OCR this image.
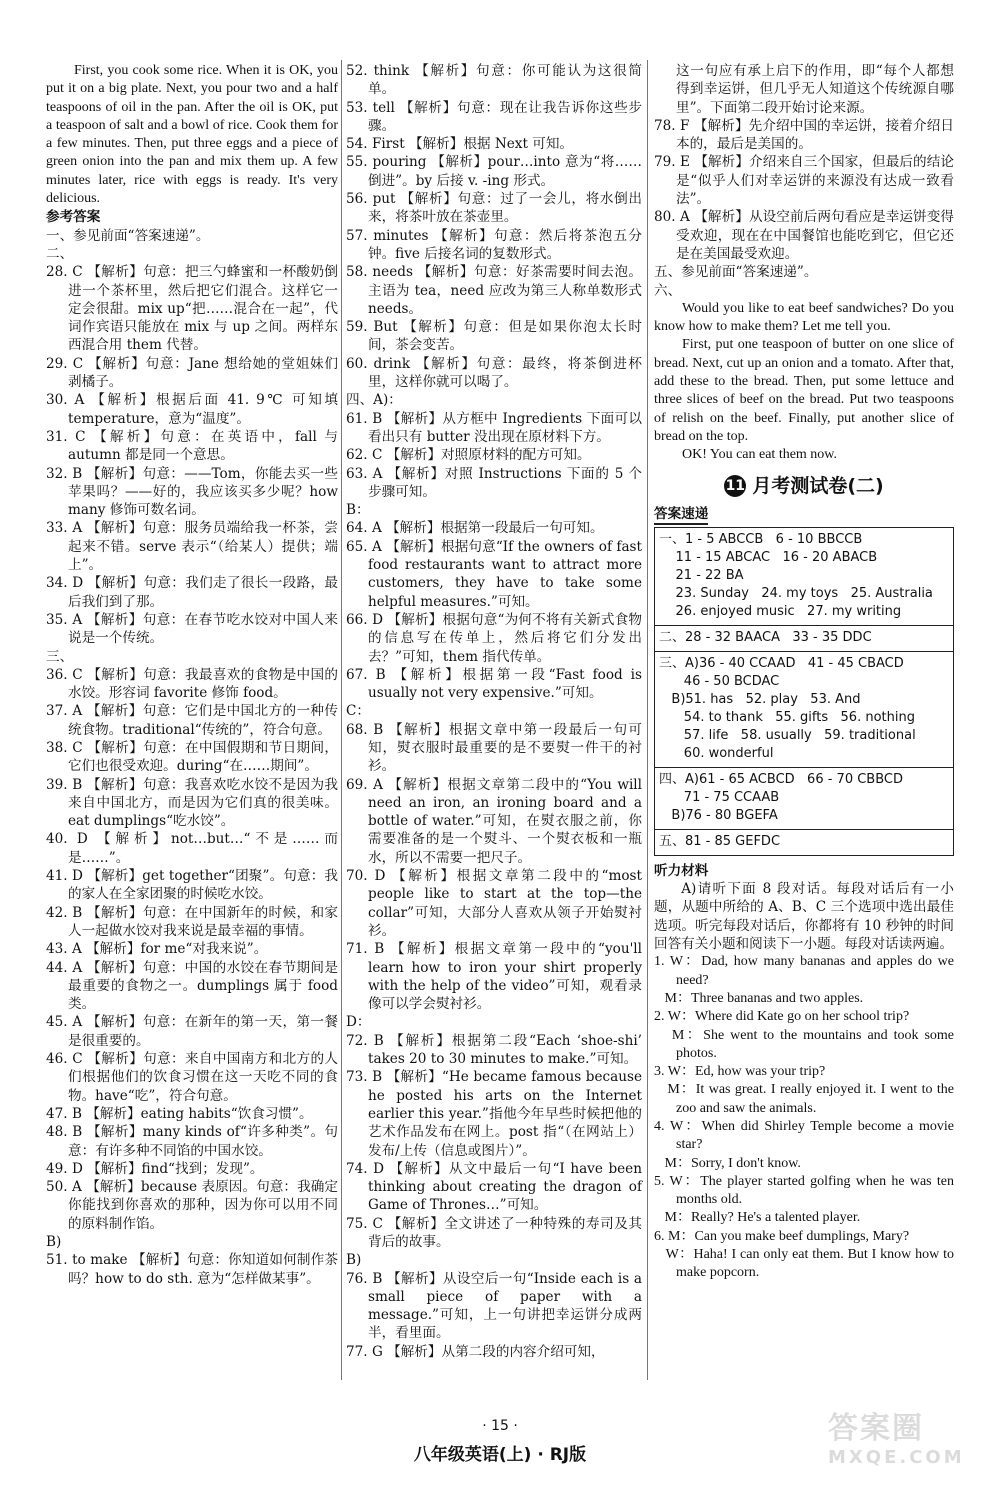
First, you cook some rice. When it is OK, you put it on a big plate. Next, you pour two and a half teaspoons of oil in the pan. After the oil is OK, put a teaspoon of salt and a bowl of rice. Cook them for a few minutes. Then, put three eggs and a piece of green onion into the pan and mix them up. A few minutes later, rice with eggs is ready. It's very delicious.

参考答案

一、参见前面“答案速递”。

二、

28. C 【解析】句意：把三勺蜂蜜和一杯酸奶倒进一个茶杯里，然后把它们混合。这样它一定会很甜。mix up“把……混合在一起”，代词作宾语只能放在 mix 与 up 之间。两样东西混合用 them 代替。

29. C 【解析】句意：Jane 想给她的堂姐妹们剥橘子。

30. A 【解析】根据后面 41. 9℃ 可知填 temperature，意为“温度”。

31. C 【解析】句意：在英语中，fall 与 autumn 都是同一个意思。

32. B 【解析】句意：——Tom，你能去买一些苹果吗？——好的，我应该买多少呢？how many 修饰可数名词。

33. A 【解析】句意：服务员端给我一杯茶，尝起来不错。serve 表示“（给某人）提供；端上”。

34. D 【解析】句意：我们走了很长一段路，最后我们到了那。

35. A 【解析】句意：在春节吃水饺对中国人来说是一个传统。

三、

36. C 【解析】句意：我最喜欢的食物是中国的水饺。形容词 favorite 修饰 food。

37. A 【解析】句意：它们是中国北方的一种传统食物。traditional“传统的”，符合句意。

38. C 【解析】句意：在中国假期和节日期间，它们也很受欢迎。during“在……期间”。

39. B 【解析】句意：我喜欢吃水饺不是因为我来自中国北方，而是因为它们真的很美味。eat dumplings“吃水饺”。

40. D 【解析】not…but…“不是……而是……”。

41. D 【解析】get together“团聚”。句意：我的家人在全家团聚的时候吃水饺。

42. B 【解析】句意：在中国新年的时候，和家人一起做水饺对我来说是最幸福的事情。

43. A 【解析】for me“对我来说”。

44. A 【解析】句意：中国的水饺在春节期间是最重要的食物之一。dumplings 属于 food 类。

45. A 【解析】句意：在新年的第一天，第一餐是很重要的。

46. C 【解析】句意：来自中国南方和北方的人们根据他们的饮食习惯在这一天吃不同的食物。have“吃”，符合句意。

47. B 【解析】eating habits“饮食习惯”。

48. B 【解析】many kinds of“许多种类”。句意：有许多种不同馅的中国水饺。

49. D 【解析】find“找到；发现”。

50. A 【解析】because 表原因。句意：我确定你能找到你喜欢的那种，因为你可以用不同的原料制作馅。

B)

51. to make 【解析】句意：你知道如何制作茶吗？how to do sth. 意为“怎样做某事”。

52. think 【解析】句意：你可能认为这很简单。

53. tell 【解析】句意：现在让我告诉你这些步骤。

54. First 【解析】根据 Next 可知。

55. pouring 【解析】pour…into 意为“将……倒进”。by 后接 v. -ing 形式。

56. put 【解析】句意：过了一会儿，将水倒出来，将茶叶放在茶壶里。

57. minutes 【解析】句意：然后将茶泡五分钟。five 后接名词的复数形式。

58. needs 【解析】句意：好茶需要时间去泡。主语为 tea，need 应改为第三人称单数形式 needs。

59. But 【解析】句意：但是如果你泡太长时间，茶会变苦。

60. drink 【解析】句意：最终，将茶倒进杯里，这样你就可以喝了。

四、A)：

61. B 【解析】从方框中 Ingredients 下面可以看出只有 butter 没出现在原材料下方。

62. C 【解析】对照原材料的配方可知。

63. A 【解析】对照 Instructions 下面的 5 个步骤可知。

B：

64. A 【解析】根据第一段最后一句可知。

65. A 【解析】根据句意“If the owners of fast food restaurants want to attract more customers, they have to take some helpful measures.”可知。

66. D 【解析】根据句意“为何不将有关新式食物的信息写在传单上，然后将它们分发出去？”可知，them 指代传单。

67. B 【解析】根据第一段“Fast food is usually not very expensive.”可知。

C：

68. B 【解析】根据文章中第一段最后一句可知，熨衣服时最重要的是不要熨一件干的衬衫。

69. A 【解析】根据文章第二段中的“You will need an iron, an ironing board and a bottle of water.”可知，在熨衣服之前，你需要准备的是一个熨斗、一个熨衣板和一瓶水，所以不需要一把尺子。

70. D 【解析】根据文章第二段中的“most people like to start at the top—the collar”可知，大部分人喜欢从领子开始熨衬衫。

71. B 【解析】根据文章第一段中的“you'll learn how to iron your shirt properly with the help of the video”可知，观看录像可以学会熨衬衫。

D：

72. B 【解析】根据第二段“Each ‘shoe-shi’ takes 20 to 30 minutes to make.”可知。

73. B 【解析】“He became famous because he posted his arts on the Internet earlier this year.”指他今年早些时候把他的艺术作品发布在网上。post 指“（在网站上）发布/上传（信息或图片）”。

74. D 【解析】从文中最后一句“I have been thinking about creating the dragon of Game of Thrones…”可知。

75. C 【解析】全文讲述了一种特殊的寿司及其背后的故事。

B)

76. B 【解析】从设空后一句“Inside each is a small piece of paper with a message.”可知，上一句讲把幸运饼分成两半，看里面。

77. G 【解析】从第二段的内容介绍可知，

这一句应有承上启下的作用，即“每个人都想得到幸运饼，但几乎无人知道这个传统源自哪里”。下面第二段开始讨论来源。

78. F 【解析】先介绍中国的幸运饼，接着介绍日本的，最后是美国的。

79. E 【解析】介绍来自三个国家，但最后的结论是“似乎人们对幸运饼的来源没有达成一致看法”。

80. A 【解析】从设空前后两句看应是幸运饼变得受欢迎，现在在中国餐馆也能吃到它，但它还是在美国最受欢迎。

五、参见前面“答案速递”。

六、

Would you like to eat beef sandwiches? Do you know how to make them? Let me tell you.

First, put one teaspoon of butter on one slice of bread. Next, cut up an onion and a tomato. After that, add these to the bread. Then, put some lettuce and three slices of beef on the bread. Put two teaspoons of relish on the beef. Finally, put another slice of bread on the top.

OK! You can eat them now.

11 月考测试卷(二)

答案速递

一、1 - 5 ABCCB   6 - 10 BBCCB
11 - 15 ABCAC   16 - 20 ABACB
21 - 22 BA
23. Sunday   24. my toys   25. Australia
26. enjoyed music   27. my writing
二、28 - 32 BAACA   33 - 35 DDC
三、A)36 - 40 CCAAD   41 - 45 CBACD
46 - 50 BCDAC
B)51. has   52. play   53. And
54. to thank   55. gifts   56. nothing
57. life   58. usually   59. traditional
60. wonderful
四、A)61 - 65 ACBCD   66 - 70 CBBCD
71 - 75 CCAAB
B)76 - 80 BGEFA
五、81 - 85 GEFDC

听力材料

A)请听下面 8 段对话。每段对话后有一小题，从题中所给的 A、B、C 三个选项中选出最佳选项。听完每段对话后，你都将有 10 秒钟的时间回答有关小题和阅读下一小题。每段对话读两遍。

1. W：Dad, how many bananas and apples do we need?

M：Three bananas and two apples.

2. W：Where did Kate go on her school trip?

M：She went to the mountains and took some photos.

3. W：Ed, how was your trip?

M：It was great. I really enjoyed it. I went to the zoo and saw the animals.

4. W：When did Shirley Temple become a movie star?

M：Sorry, I don't know.

5. W：The player started golfing when he was ten months old.

M：Really? He's a talented player.

6. M：Can you make beef dumplings, Mary?

W：Haha! I can only eat them. But I know how to make popcorn.

· 15 ·
八年级英语(上) · RJ版
答案圈
MXQE.COM
